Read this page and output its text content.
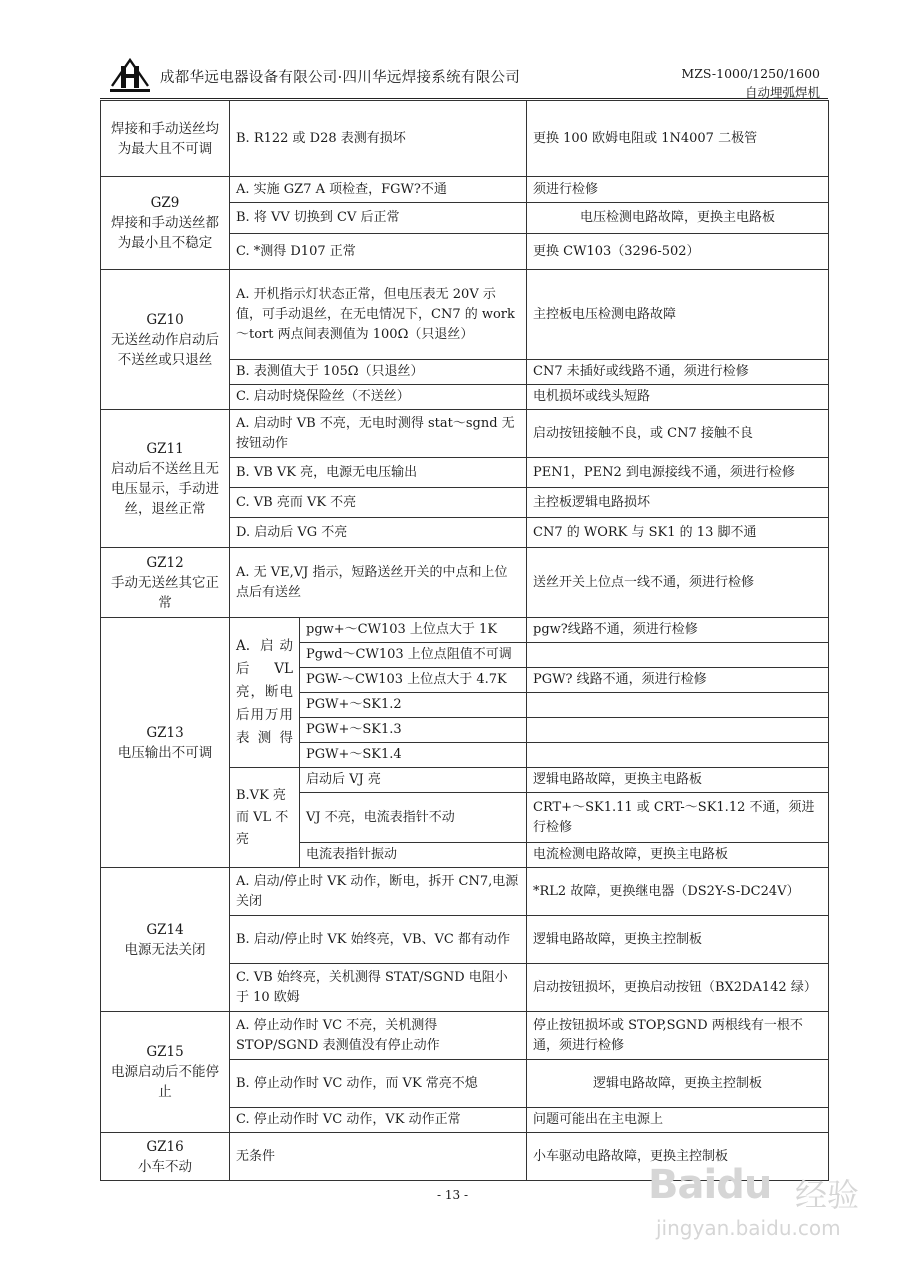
成都华远电器设备有限公司·四川华远焊接系统有限公司	MZS-1000/1250/1600
自动埋弧焊机
焊接和手动送丝均为最大且不可调	B. R122 或 D28 表测有损坏		更换 100 欧姆电阻或 1N4007 二极管

GZ9
焊接和手动送丝都为最小且不稳定	A. 实施 GZ7 A 项检查，FGW?不通		须进行检修
	B. 将 VV 切换到 CV 后正常		电压检测电路故障，更换主电路板
	C. *测得 D107 正常		更换 CW103（3296-502）

GZ10
无送丝动作启动后不送丝或只退丝	A. 开机指示灯状态正常，但电压表无 20V 示值，可手动退丝，在无电情况下，CN7 的 work～tort 两点间表测值为 100Ω（只退丝）		主控板电压检测电路故障
	B. 表测值大于 105Ω（只退丝）		CN7 未插好或线路不通，须进行检修
	C. 启动时烧保险丝（不送丝）		电机损坏或线头短路

GZ11
启动后不送丝且无电压显示，手动进丝，退丝正常	A. 启动时 VB 不亮，无电时测得 stat～sgnd 无按钮动作		启动按钮接触不良，或 CN7 接触不良
	B. VB VK 亮，电源无电压输出		PEN1，PEN2 到电源接线不通，须进行检修
	C. VB 亮而 VK 不亮		主控板逻辑电路损坏
	D. 启动后 VG 不亮		CN7 的 WORK 与 SK1 的 13 脚不通

GZ12
手动无送丝其它正常	A. 无 VE,VJ 指示，短路送丝开关的中点和上位点后有送丝		送丝开关上位点一线不通，须进行检修

GZ13
电压输出不可调	A. 启动后 VL 亮，断电后用万用表测得	pgw+～CW103 上位点大于 1K	pgw?线路不通，须进行检修
		Pgwd～CW103 上位点阻值不可调	
		PGW-～CW103 上位点大于 4.7K	PGW? 线路不通，须进行检修
		PGW+～SK1.2	
		PGW+～SK1.3	
		PGW+～SK1.4	
	B.VK 亮而 VL 不亮	启动后 VJ 亮	逻辑电路故障，更换主电路板
		VJ 不亮，电流表指针不动	CRT+～SK1.11 或 CRT-～SK1.12 不通，须进行检修
		电流表指针振动	电流检测电路故障，更换主电路板

GZ14
电源无法关闭	A. 启动/停止时 VK 动作，断电，拆开 CN7,电源关闭		*RL2 故障，更换继电器（DS2Y-S-DC24V）
	B. 启动/停止时 VK 始终亮，VB、VC 都有动作		逻辑电路故障，更换主控制板
	C. VB 始终亮，关机测得 STAT/SGND 电阻小于 10 欧姆		启动按钮损坏，更换启动按钮（BX2DA142 绿）

GZ15
电源启动后不能停止	A. 停止动作时 VC 不亮，关机测得 STOP/SGND 表测值没有停止动作		停止按钮损坏或 STOP,SGND 两根线有一根不通，须进行检修
	B. 停止动作时 VC 动作，而 VK 常亮不熄		逻辑电路故障，更换主控制板
	C. 停止动作时 VC 动作，VK 动作正常		问题可能出在主电源上

GZ16
小车不动	无条件		小车驱动电路故障，更换主控制板
- 13 -	Baidu 经验
jingyan.baidu.com
